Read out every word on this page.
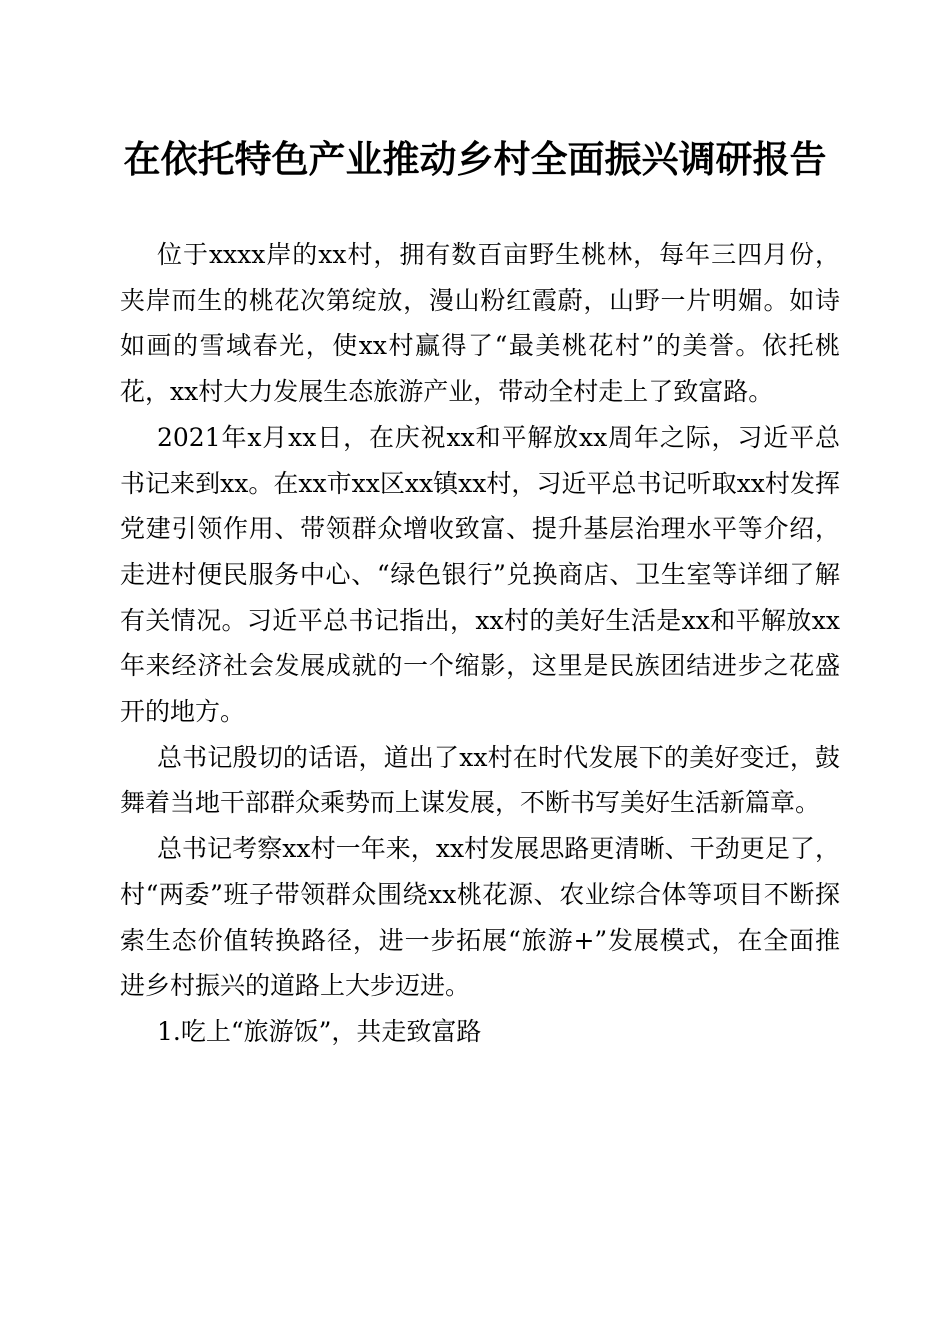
在依托特色产业推动乡村全面振兴调研报告

位于xxxx岸的xx村，拥有数百亩野生桃林，每年三四月份，夹岸而生的桃花次第绽放，漫山粉红霞蔚，山野一片明媚。如诗如画的雪域春光，使xx村赢得了“最美桃花村”的美誉。依托桃花，xx村大力发展生态旅游产业，带动全村走上了致富路。

2021年x月xx日，在庆祝xx和平解放xx周年之际，习近平总书记来到xx。在xx市xx区xx镇xx村，习近平总书记听取xx村发挥党建引领作用、带领群众增收致富、提升基层治理水平等介绍，走进村便民服务中心、“绿色银行”兑换商店、卫生室等详细了解有关情况。习近平总书记指出，xx村的美好生活是xx和平解放xx年来经济社会发展成就的一个缩影，这里是民族团结进步之花盛开的地方。

总书记殷切的话语，道出了xx村在时代发展下的美好变迁，鼓舞着当地干部群众乘势而上谋发展，不断书写美好生活新篇章。

总书记考察xx村一年来，xx村发展思路更清晰、干劲更足了，村“两委”班子带领群众围绕xx桃花源、农业综合体等项目不断探索生态价值转换路径，进一步拓展“旅游+”发展模式，在全面推进乡村振兴的道路上大步迈进。

1.吃上“旅游饭”，共走致富路
